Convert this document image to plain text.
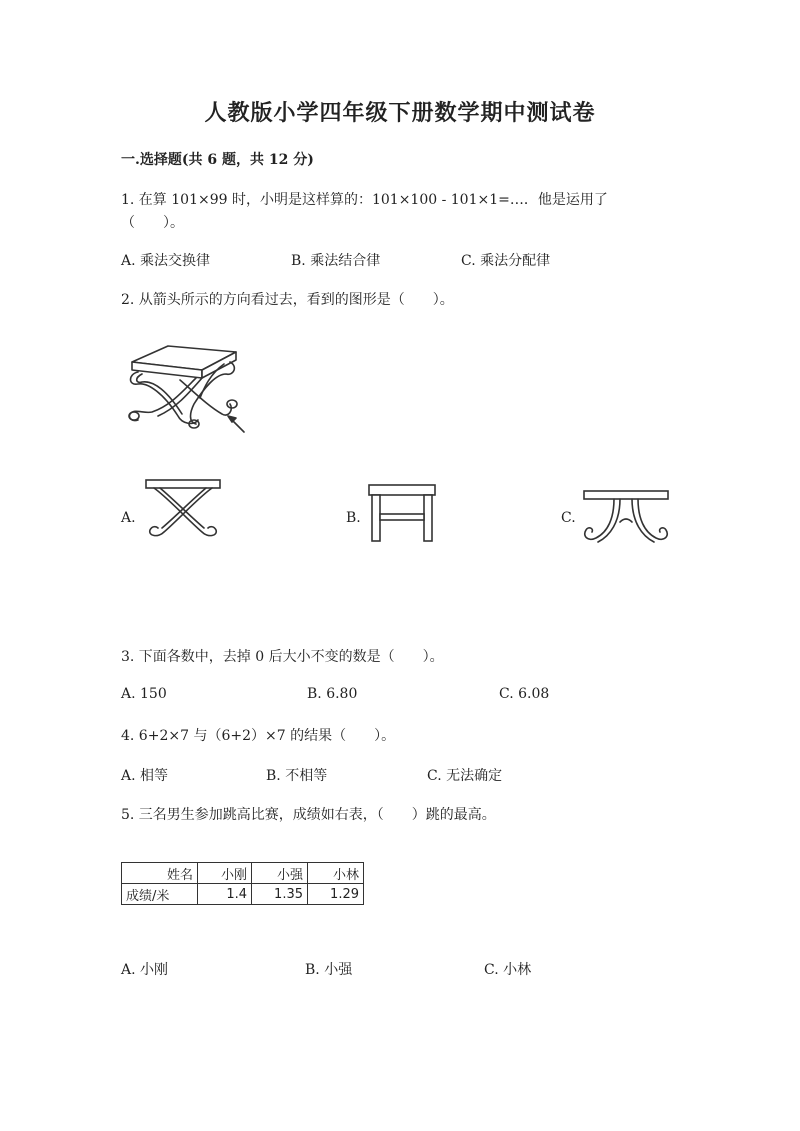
人教版小学四年级下册数学期中测试卷
一.选择题(共 6 题，共 12 分)
1. 在算 101×99 时，小明是这样算的：101×100 - 101×1=…．他是运用了
（　　）。
A. 乘法交换律	B. 乘法结合律	C. 乘法分配律
2. 从箭头所示的方向看过去，看到的图形是（　　）。
A.	B.	C.
3. 下面各数中，去掉 0 后大小不变的数是（　　）。
A. 150	B. 6.80	C. 6.08
4. 6+2×7 与（6+2）×7 的结果（　　）。
A. 相等	B. 不相等	C. 无法确定
5. 三名男生参加跳高比赛，成绩如右表，（　　）跳的最高。
姓名	小刚	小强	小林
成绩/米	1.4	1.35	1.29
A. 小刚	B. 小强	C. 小林
